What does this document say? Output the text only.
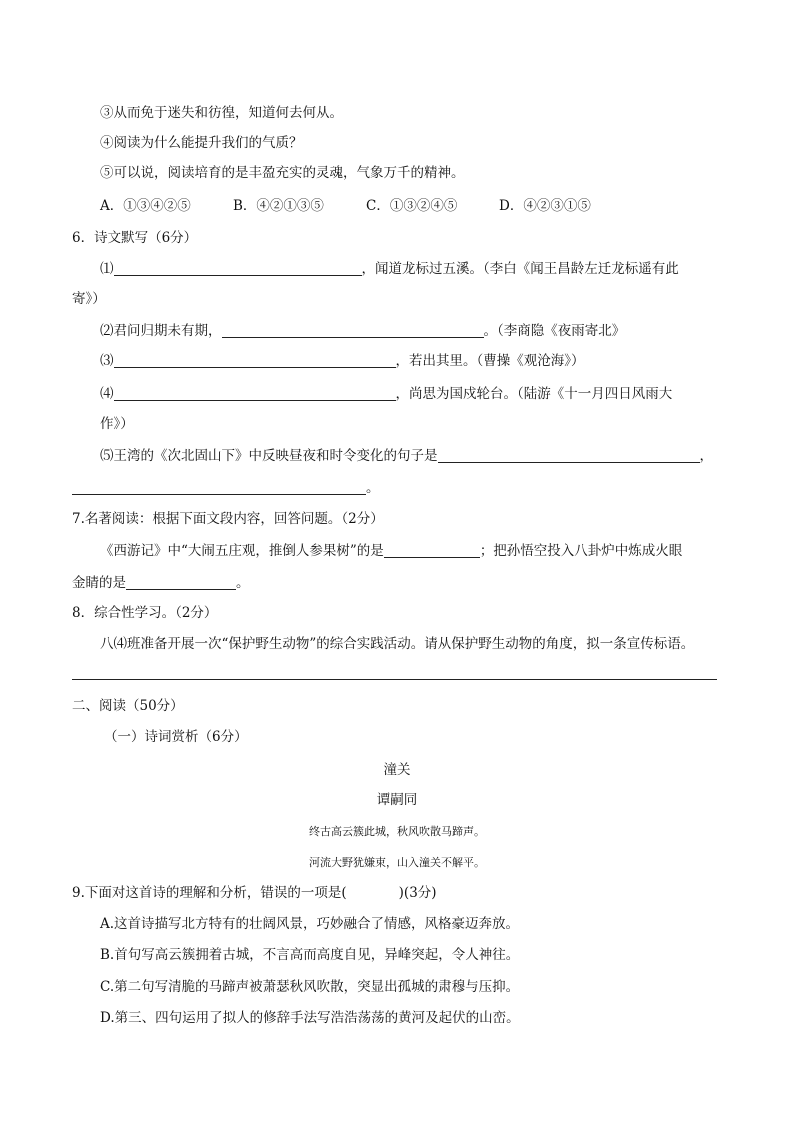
③从而免于迷失和彷徨，知道何去何从。
④阅读为什么能提升我们的气质？
⑤可以说，阅读培育的是丰盈充实的灵魂，气象万千的精神。
A．①③④②⑤	B．④②①③⑤	C．①③②④⑤	D．④②③①⑤
6．诗文默写（6分）
⑴	，闻道龙标过五溪。（李白《闻王昌龄左迁龙标遥有此
寄》）
⑵君问归期未有期，	。（李商隐《夜雨寄北》
⑶	，若出其里。（曹操《观沧海》）
⑷	，尚思为国戍轮台。（陆游《十一月四日风雨大
作》）
⑸王湾的《次北固山下》中反映昼夜和时令变化的句子是	，
。
7.名著阅读：根据下面文段内容，回答问题。（2分）
《西游记》中“大闹五庄观，推倒人参果树”的是	；把孙悟空投入八卦炉中炼成火眼
金睛的是	。
8．综合性学习。（2分）
八⑷班准备开展一次“保护野生动物”的综合实践活动。请从保护野生动物的角度，拟一条宣传标语。
二、阅读（50分）
（一）诗词赏析（6分）
潼关
谭嗣同
终古高云簇此城，秋风吹散马蹄声。
河流大野犹嫌束，山入潼关不解平。
9.下面对这首诗的理解和分析，错误的一项是(	)(3分)
A.这首诗描写北方特有的壮阔风景，巧妙融合了情感，风格豪迈奔放。
B.首句写高云簇拥着古城，不言高而高度自见，异峰突起，令人神往。
C.第二句写清脆的马蹄声被萧瑟秋风吹散，突显出孤城的肃穆与压抑。
D.第三、四句运用了拟人的修辞手法写浩浩荡荡的黄河及起伏的山峦。
